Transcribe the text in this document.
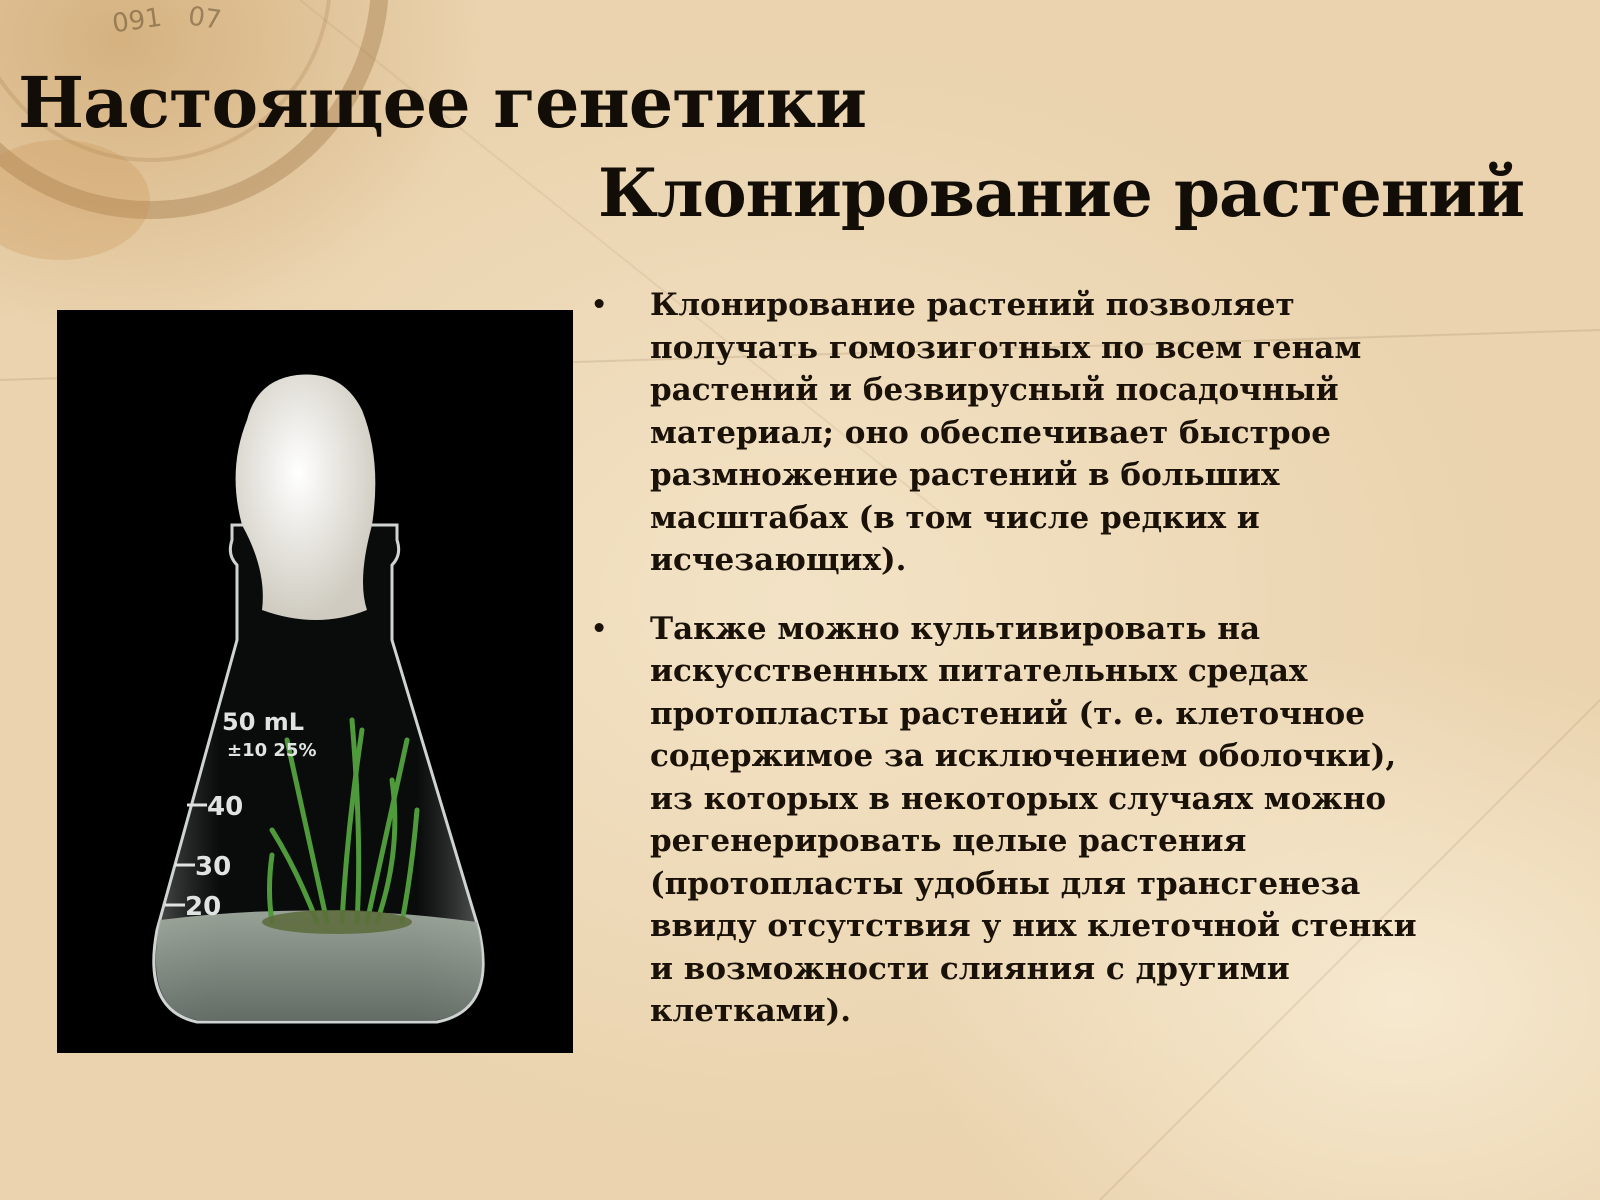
091 07
Настоящее генетики
Клонирование растений
50 mL
±10 25%
40
30
20
• Клонирование растений позволяет получать гомозиготных по всем генам растений и безвирусный посадочный материал; оно обеспечивает быстрое размножение растений в больших масштабах (в том числе редких и исчезающих).
• Также можно культивировать на искусственных питательных средах протопласты растений (т. е. клеточное содержимое за исключением оболочки), из которых в некоторых случаях можно регенерировать целые растения (протопласты удобны для трансгенеза ввиду отсутствия у них клеточной стенки и возможности слияния с другими клетками).
